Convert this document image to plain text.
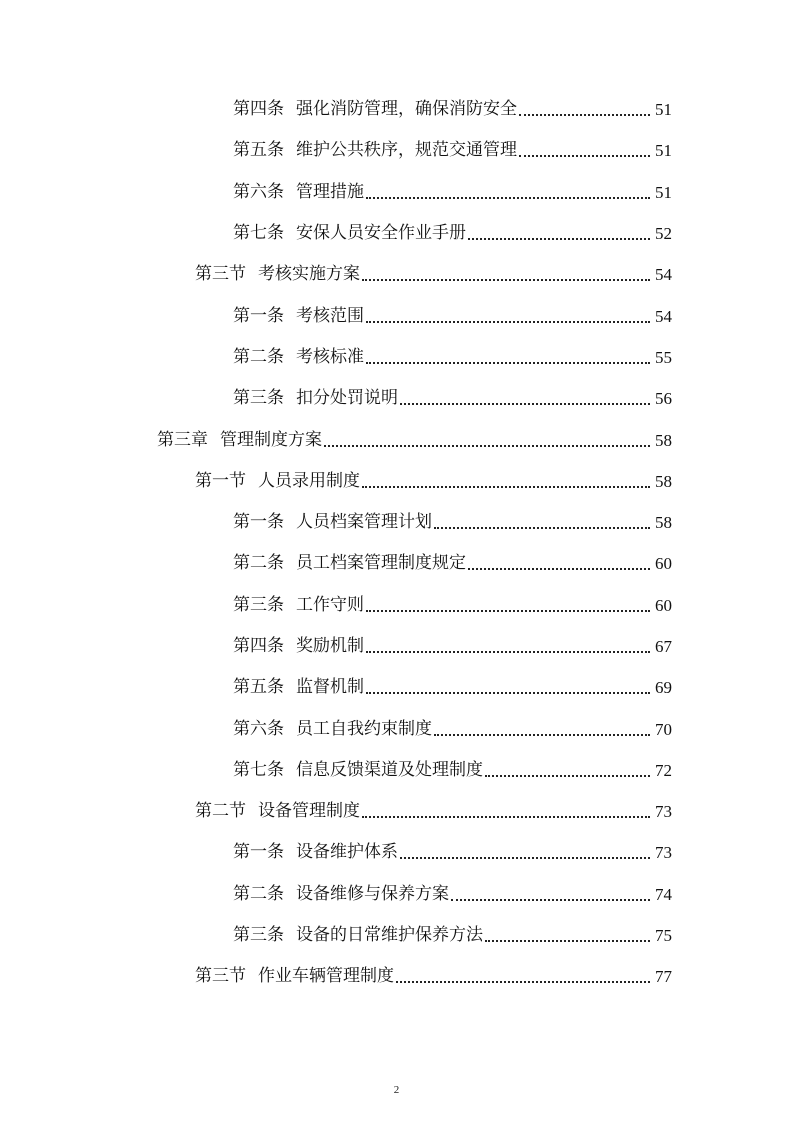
第四条 强化消防管理，确保消防安全	51
第五条 维护公共秩序，规范交通管理	51
第六条 管理措施	51
第七条 安保人员安全作业手册	52
第三节 考核实施方案	54
第一条 考核范围	54
第二条 考核标准	55
第三条 扣分处罚说明	56
第三章 管理制度方案	58
第一节 人员录用制度	58
第一条 人员档案管理计划	58
第二条 员工档案管理制度规定	60
第三条 工作守则	60
第四条 奖励机制	67
第五条 监督机制	69
第六条 员工自我约束制度	70
第七条 信息反馈渠道及处理制度	72
第二节 设备管理制度	73
第一条 设备维护体系	73
第二条 设备维修与保养方案	74
第三条 设备的日常维护保养方法	75
第三节 作业车辆管理制度	77
2
